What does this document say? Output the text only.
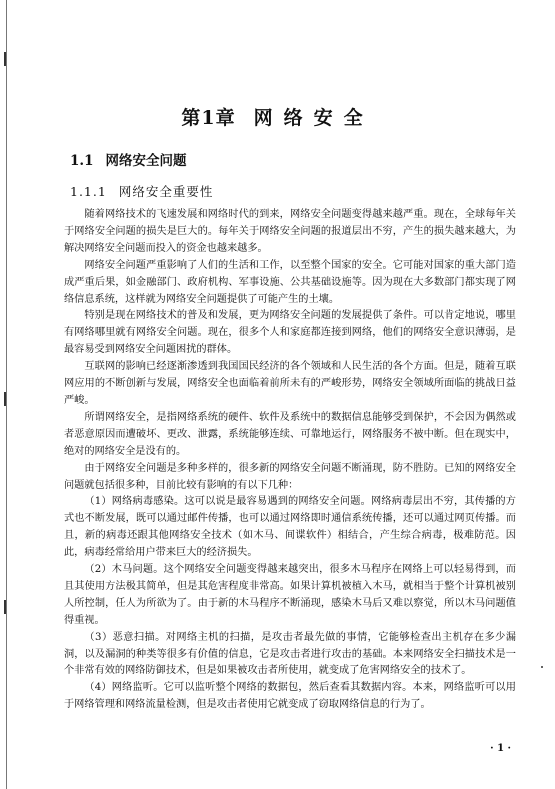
第1章 网络安全
1.1 网络安全问题
1.1.1 网络安全重要性

随着网络技术的飞速发展和网络时代的到来，网络安全问题变得越来越严重。现在，全球每年关于网络安全问题的损失是巨大的。每年关于网络安全问题的报道层出不穷，产生的损失越来越大，为解决网络安全问题而投入的资金也越来越多。

网络安全问题严重影响了人们的生活和工作，以至整个国家的安全。它可能对国家的重大部门造成严重后果，如金融部门、政府机构、军事设施、公共基础设施等。因为现在大多数部门都实现了网络信息系统，这样就为网络安全问题提供了可能产生的土壤。

特别是现在网络技术的普及和发展，更为网络安全问题的发展提供了条件。可以肯定地说，哪里有网络哪里就有网络安全问题。现在，很多个人和家庭都连接到网络，他们的网络安全意识薄弱，是最容易受到网络安全问题困扰的群体。

互联网的影响已经逐渐渗透到我国国民经济的各个领域和人民生活的各个方面。但是，随着互联网应用的不断创新与发展，网络安全也面临着前所未有的严峻形势，网络安全领域所面临的挑战日益严峻。

所谓网络安全，是指网络系统的硬件、软件及系统中的数据信息能够受到保护，不会因为偶然或者恶意原因而遭破坏、更改、泄露，系统能够连续、可靠地运行，网络服务不被中断。但在现实中，绝对的网络安全是没有的。

由于网络安全问题是多种多样的，很多新的网络安全问题不断涌现，防不胜防。已知的网络安全问题就包括很多种，目前比较有影响的有以下几种：

（1）网络病毒感染。这可以说是最容易遇到的网络安全问题。网络病毒层出不穷，其传播的方式也不断发展，既可以通过邮件传播，也可以通过网络即时通信系统传播，还可以通过网页传播。而且，新的病毒还跟其他网络安全技术（如木马、间谍软件）相结合，产生综合病毒，极难防范。因此，病毒经常给用户带来巨大的经济损失。

（2）木马问题。这个网络安全问题变得越来越突出，很多木马程序在网络上可以轻易得到，而且其使用方法极其简单，但是其危害程度非常高。如果计算机被植入木马，就相当于整个计算机被别人所控制，任人为所欲为了。由于新的木马程序不断涌现，感染木马后又难以察觉，所以木马问题值得重视。

（3）恶意扫描。对网络主机的扫描，是攻击者最先做的事情，它能够检查出主机存在多少漏洞，以及漏洞的种类等很多有价值的信息，它是攻击者进行攻击的基础。本来网络安全扫描技术是一个非常有效的网络防御技术，但是如果被攻击者所使用，就变成了危害网络安全的技术了。

（4）网络监听。它可以监听整个网络的数据包，然后查看其数据内容。本来，网络监听可以用于网络管理和网络流量检测，但是攻击者使用它就变成了窃取网络信息的行为了。

· 1 ·
